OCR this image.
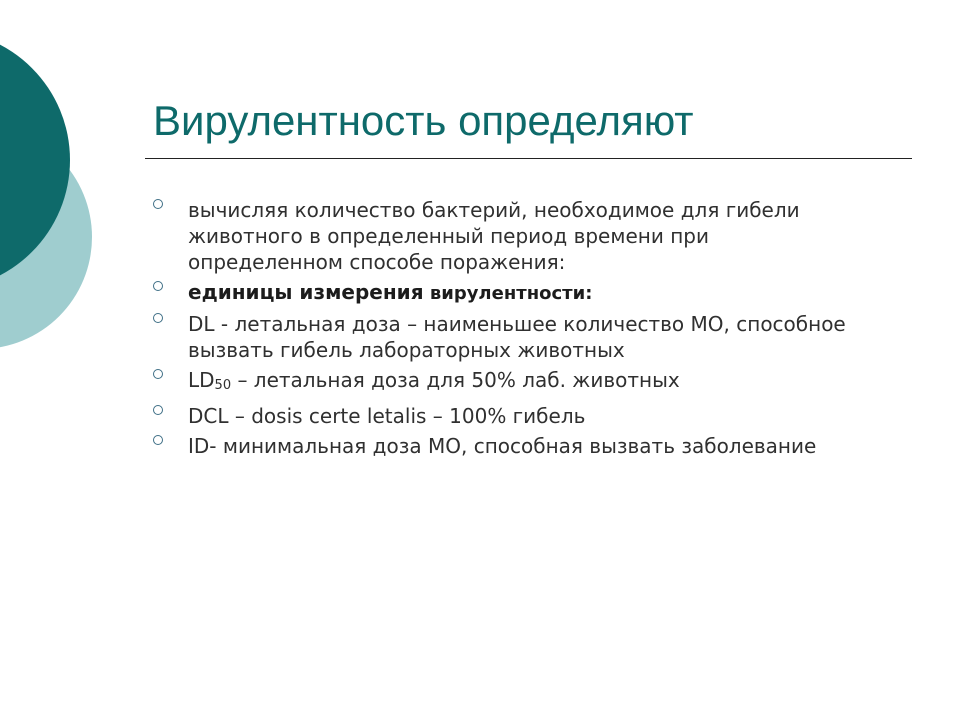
Вирулентность определяют
вычисляя количество бактерий, необходимое для гибели животного в определенный период времени при определенном способе поражения:
единицы измерения вирулентности:
DL - летальная доза – наименьшее количество МО, способное вызвать гибель лабораторных животных
LD50 – летальная доза для 50% лаб. животных
DCL – dosis certe letalis – 100% гибель
ID- минимальная доза МО, способная вызвать заболевание
